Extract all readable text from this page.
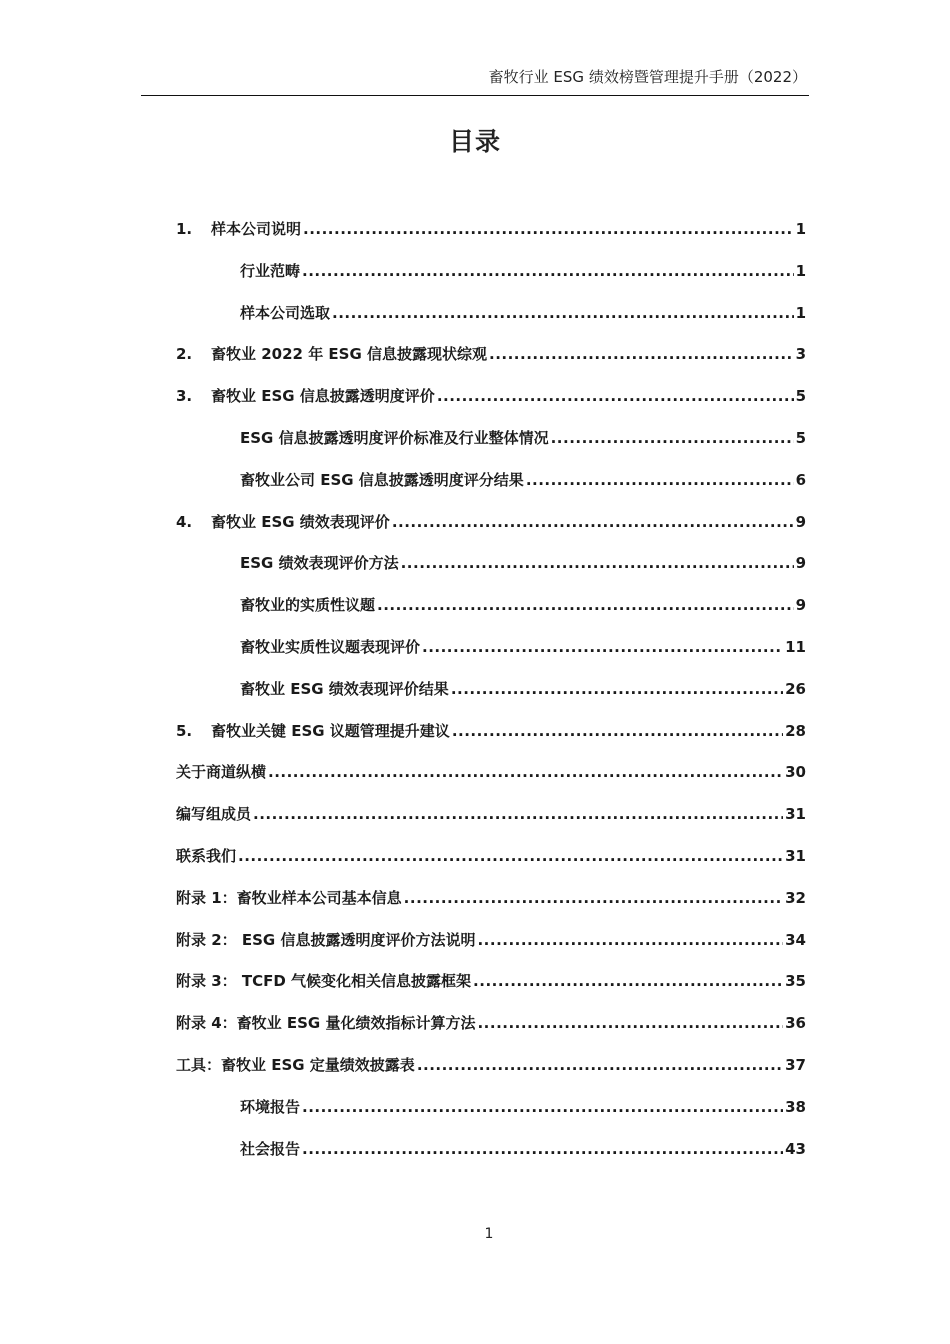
畜牧行业 ESG 绩效榜暨管理提升手册（2022）
目录
1.	样本公司说明 .....	1
行业范畴 .....	1
样本公司选取 .....	1
2.	畜牧业 2022 年 ESG 信息披露现状综观 .....	3
3.	畜牧业 ESG 信息披露透明度评价 .....	5
ESG 信息披露透明度评价标准及行业整体情况 .....	5
畜牧业公司 ESG 信息披露透明度评分结果 .....	6
4.	畜牧业 ESG 绩效表现评价 .....	9
ESG 绩效表现评价方法 .....	9
畜牧业的实质性议题 .....	9
畜牧业实质性议题表现评价 .....	11
畜牧业 ESG 绩效表现评价结果 .....	26
5.	畜牧业关键 ESG 议题管理提升建议 .....	28
关于商道纵横 .....	30
编写组成员 .....	31
联系我们 .....	31
附录 1：畜牧业样本公司基本信息 .....	32
附录 2： ESG 信息披露透明度评价方法说明 .....	34
附录 3： TCFD 气候变化相关信息披露框架 .....	35
附录 4：畜牧业 ESG 量化绩效指标计算方法 .....	36
工具：畜牧业 ESG 定量绩效披露表 .....	37
环境报告 .....	38
社会报告 .....	43
1
